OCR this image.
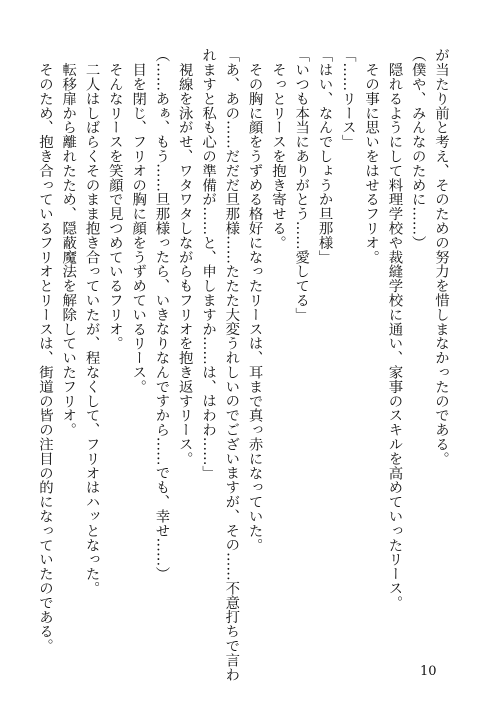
が当たり前と考え、そのための努力を惜しまなかったのである。
（僕や、みんなのために……）
　隠れるようにして料理学校や裁縫学校に通い、家事のスキルを高めていったリース。
　その事に思いをはせるフリオ。
「……リース」
「はい、なんでしょうか旦那様」
「いつも本当にありがとう……愛してる」
　そっとリースを抱き寄せる。
　その胸に顔をうずめる格好になったリースは、耳まで真っ赤になっていた。
「あ、あの……だだだ旦那様……たたた大変うれしいのでございますが、その……不意打ちで言わ
れますと私も心の準備が……と、申しますか……は、はわわ……」
　視線を泳がせ、ワタワタしながらもフリオを抱き返すリース。
（……あぁ、もう……旦那様ったら、いきなりなんですから……でも、幸せ……）
　目を閉じ、フリオの胸に顔をうずめているリース。
　そんなリースを笑顔で見つめているフリオ。
　二人はしばらくそのまま抱き合っていたが、程なくして、フリオはハッとなった。
　転移扉から離れたため、隠蔽魔法を解除していたフリオ。
　そのため、抱き合っているフリオとリースは、街道の皆の注目の的になっていたのである。
10
